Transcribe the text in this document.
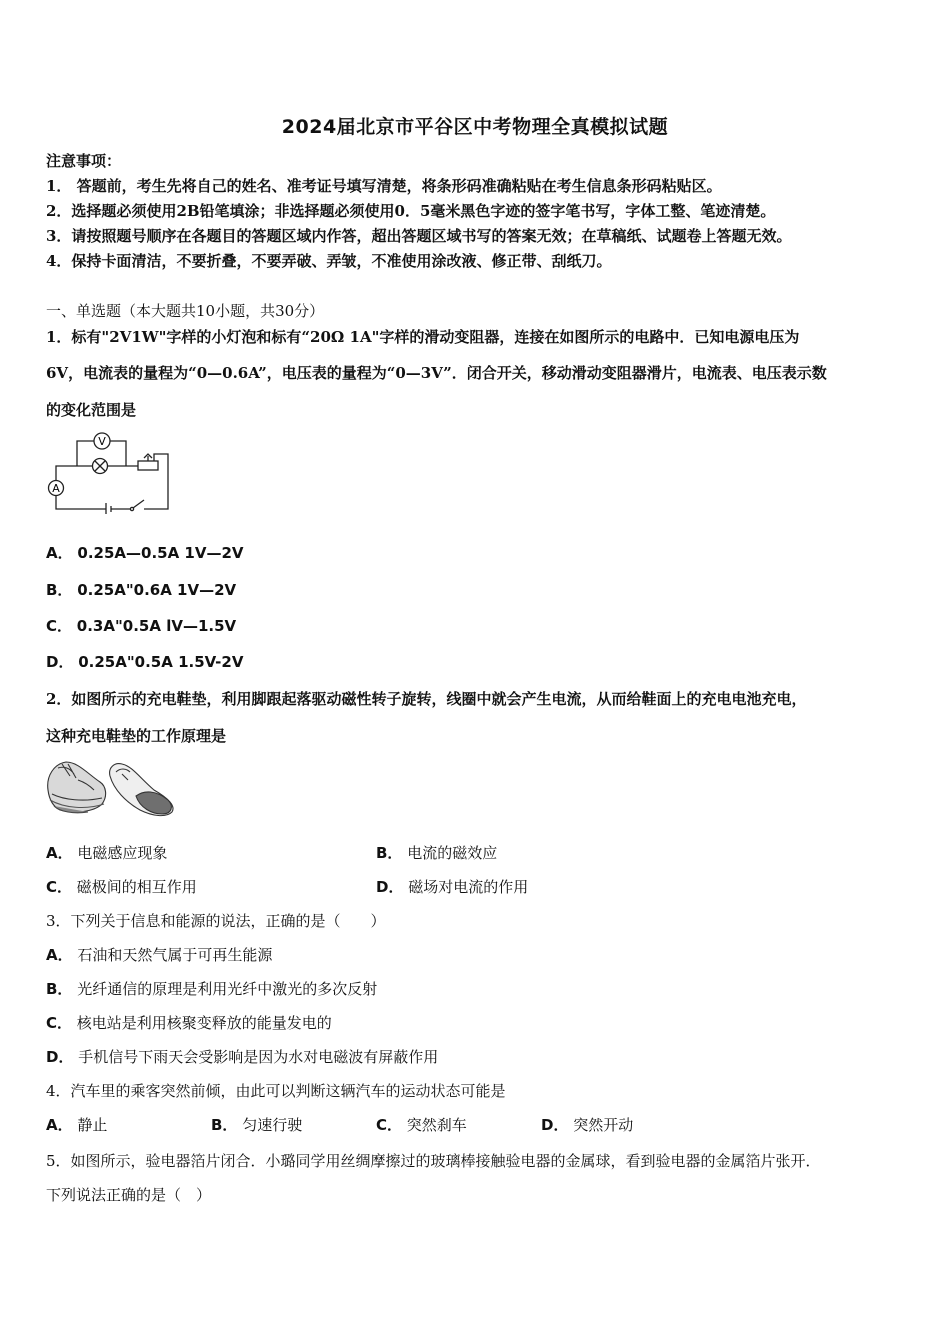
2024届北京市平谷区中考物理全真模拟试题
注意事项：
1． 答题前，考生先将自己的姓名、准考证号填写清楚，将条形码准确粘贴在考生信息条形码粘贴区。
2．选择题必须使用2B铅笔填涂；非选择题必须使用0．5毫米黑色字迹的签字笔书写，字体工整、笔迹清楚。
3．请按照题号顺序在各题目的答题区域内作答，超出答题区域书写的答案无效；在草稿纸、试题卷上答题无效。
4．保持卡面清洁，不要折叠，不要弄破、弄皱，不准使用涂改液、修正带、刮纸刀。
一、单选题（本大题共10小题，共30分）
1．标有"2V1W"字样的小灯泡和标有“20Ω 1A"字样的滑动变阻器，连接在如图所示的电路中．已知电源电压为
6V，电流表的量程为“0—0.6A”，电压表的量程为“0—3V”．闭合开关，移动滑动变阻器滑片，电流表、电压表示数
的变化范围是
V
A
A． 0.25A—0.5A 1V—2V
B． 0.25A"0.6A 1V—2V
C． 0.3A"0.5A lV—1.5V
D． 0.25A"0.5A 1.5V-2V
2．如图所示的充电鞋垫，利用脚跟起落驱动磁性转子旋转，线圈中就会产生电流，从而给鞋面上的充电电池充电，
这种充电鞋垫的工作原理是
A． 电磁感应现象	B． 电流的磁效应
C． 磁极间的相互作用	D． 磁场对电流的作用
3．下列关于信息和能源的说法，正确的是（　　）
A． 石油和天然气属于可再生能源
B． 光纤通信的原理是利用光纤中激光的多次反射
C． 核电站是利用核聚变释放的能量发电的
D． 手机信号下雨天会受影响是因为水对电磁波有屏蔽作用
4．汽车里的乘客突然前倾，由此可以判断这辆汽车的运动状态可能是
A． 静止	B． 匀速行驶	C． 突然刹车	D． 突然开动
5．如图所示，验电器箔片闭合．小璐同学用丝绸摩擦过的玻璃棒接触验电器的金属球，看到验电器的金属箔片张开．
下列说法正确的是（　）
